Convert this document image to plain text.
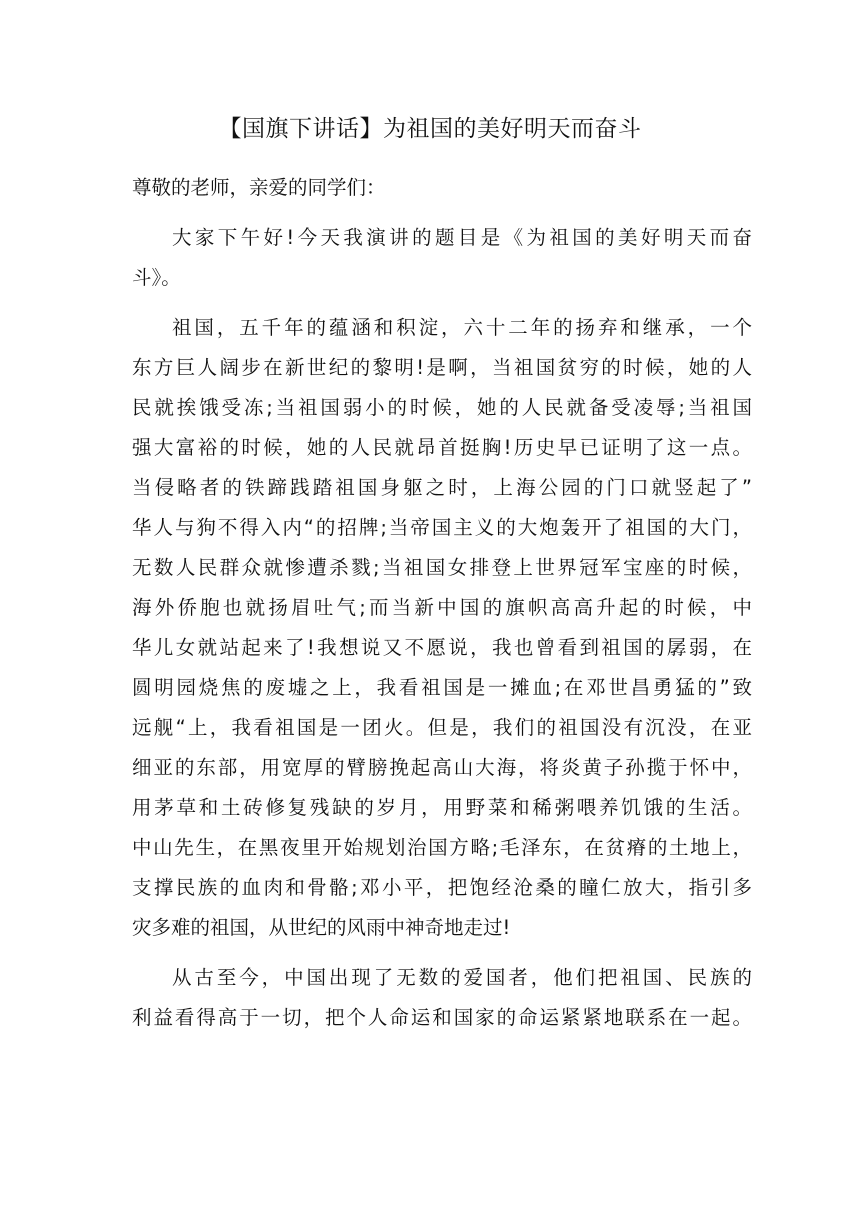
【国旗下讲话】为祖国的美好明天而奋斗
尊敬的老师，亲爱的同学们：
大家下午好!今天我演讲的题目是《为祖国的美好明天而奋
斗》。
祖国，五千年的蕴涵和积淀，六十二年的扬弃和继承，一个
东方巨人阔步在新世纪的黎明!是啊，当祖国贫穷的时候，她的人
民就挨饿受冻;当祖国弱小的时候，她的人民就备受凌辱;当祖国
强大富裕的时候，她的人民就昂首挺胸!历史早已证明了这一点。
当侵略者的铁蹄践踏祖国身躯之时，上海公园的门口就竖起了”
华人与狗不得入内“的招牌;当帝国主义的大炮轰开了祖国的大门，
无数人民群众就惨遭杀戮;当祖国女排登上世界冠军宝座的时候，
海外侨胞也就扬眉吐气;而当新中国的旗帜高高升起的时候，中
华儿女就站起来了!我想说又不愿说，我也曾看到祖国的孱弱，在
圆明园烧焦的废墟之上，我看祖国是一摊血;在邓世昌勇猛的”致
远舰“上，我看祖国是一团火。但是，我们的祖国没有沉没，在亚
细亚的东部，用宽厚的臂膀挽起高山大海，将炎黄子孙揽于怀中，
用茅草和土砖修复残缺的岁月，用野菜和稀粥喂养饥饿的生活。
中山先生，在黑夜里开始规划治国方略;毛泽东，在贫瘠的土地上，
支撑民族的血肉和骨骼;邓小平，把饱经沧桑的瞳仁放大，指引多
灾多难的祖国，从世纪的风雨中神奇地走过!
从古至今，中国出现了无数的爱国者，他们把祖国、民族的
利益看得高于一切，把个人命运和国家的命运紧紧地联系在一起。
